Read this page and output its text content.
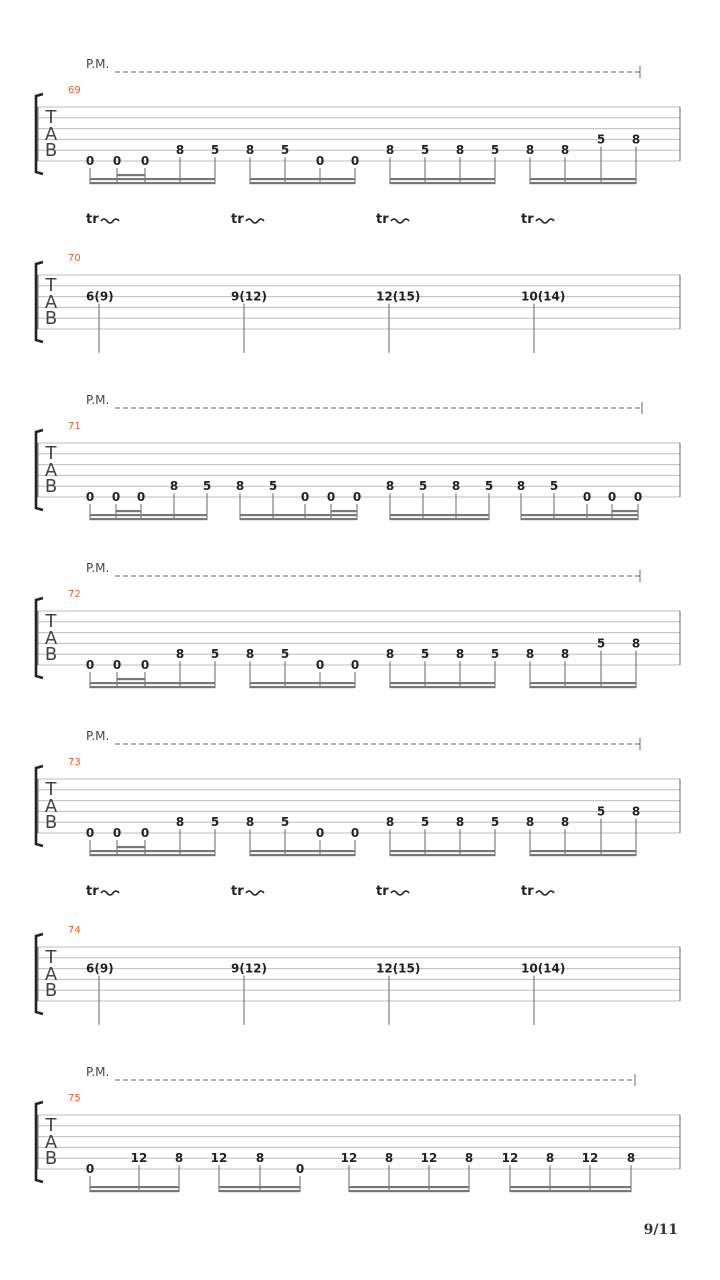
T
A
B
69
P.M.
0 0 0
8 5 8 5
0 0
8 5 8 5 8 8
5 8
T
A
B
70
tr
6(9)
tr
9(12)
tr
12(15)
tr
10(14)
T
A
B
71
P.M.
0 0 0
8 5 8 5
0 0 0
8 5 8 5 8 5
0 0 0
T
A
B
72
P.M.
0 0 0
8 5 8 5
0 0
8 5 8 5 8 8
5 8
T
A
B
73
P.M.
0 0 0
8 5 8 5
0 0
8 5 8 5 8 8
5 8
T
A
B
74
tr
6(9)
tr
9(12)
tr
12(15)
tr
10(14)
T
A
B
75
P.M.
0
12 8 12 8
0
12 8 12 8 12 8 12 8
9/11
